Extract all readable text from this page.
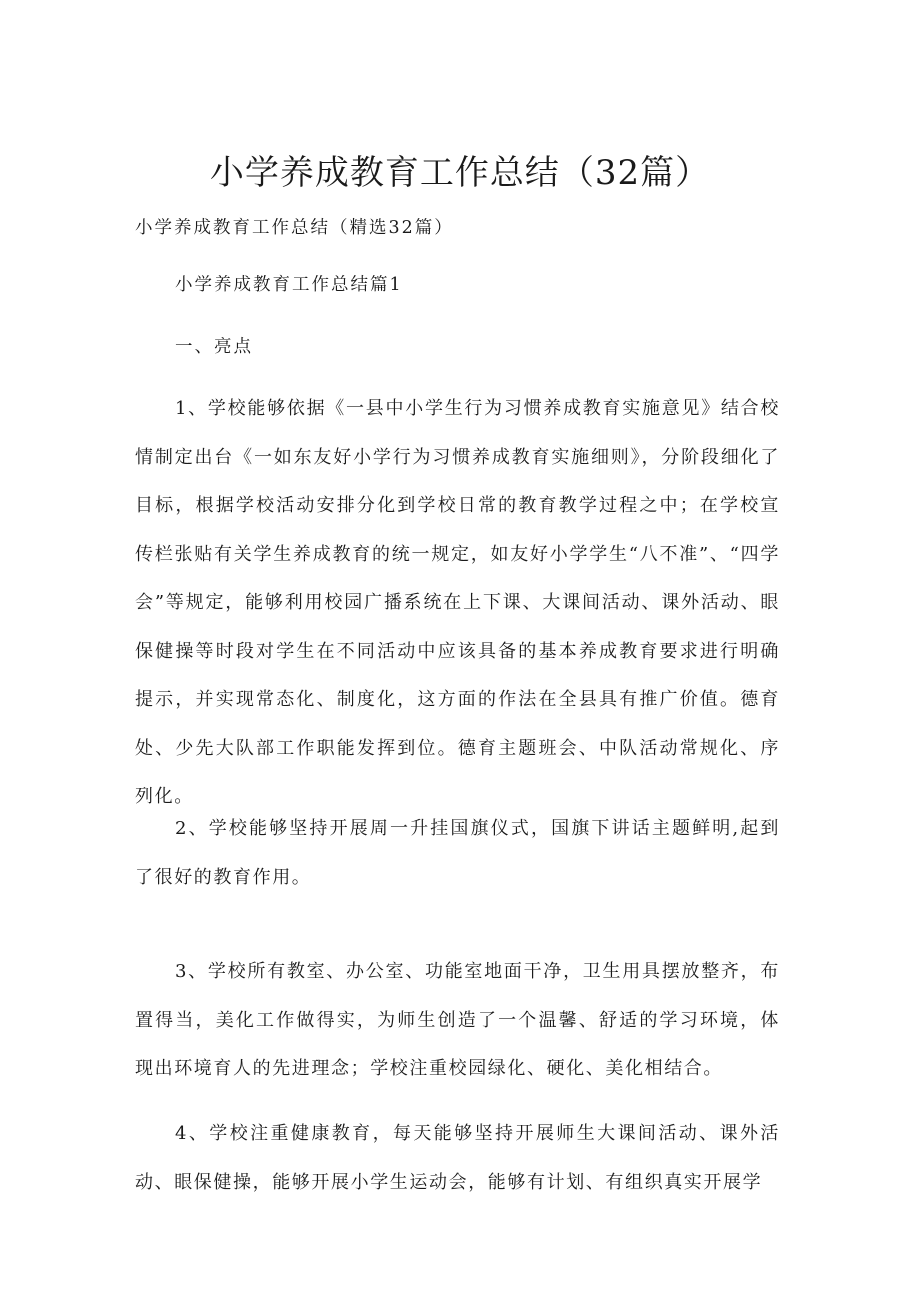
小学养成教育工作总结（32篇）
小学养成教育工作总结（精选32篇）
小学养成教育工作总结篇1
一、亮点
1、学校能够依据《一县中小学生行为习惯养成教育实施意见》结合校情制定出台《一如东友好小学行为习惯养成教育实施细则》，分阶段细化了目标，根据学校活动安排分化到学校日常的教育教学过程之中；在学校宣传栏张贴有关学生养成教育的统一规定，如友好小学学生“八不准”、“四学会”等规定，能够利用校园广播系统在上下课、大课间活动、课外活动、眼保健操等时段对学生在不同活动中应该具备的基本养成教育要求进行明确提示，并实现常态化、制度化，这方面的作法在全县具有推广价值。德育处、少先大队部工作职能发挥到位。德育主题班会、中队活动常规化、序列化。
2、学校能够坚持开展周一升挂国旗仪式，国旗下讲话主题鲜明,起到了很好的教育作用。
3、学校所有教室、办公室、功能室地面干净，卫生用具摆放整齐，布置得当，美化工作做得实，为师生创造了一个温馨、舒适的学习环境，体现出环境育人的先进理念；学校注重校园绿化、硬化、美化相结合。
4、学校注重健康教育，每天能够坚持开展师生大课间活动、课外活动、眼保健操，能够开展小学生运动会，能够有计划、有组织真实开展学
